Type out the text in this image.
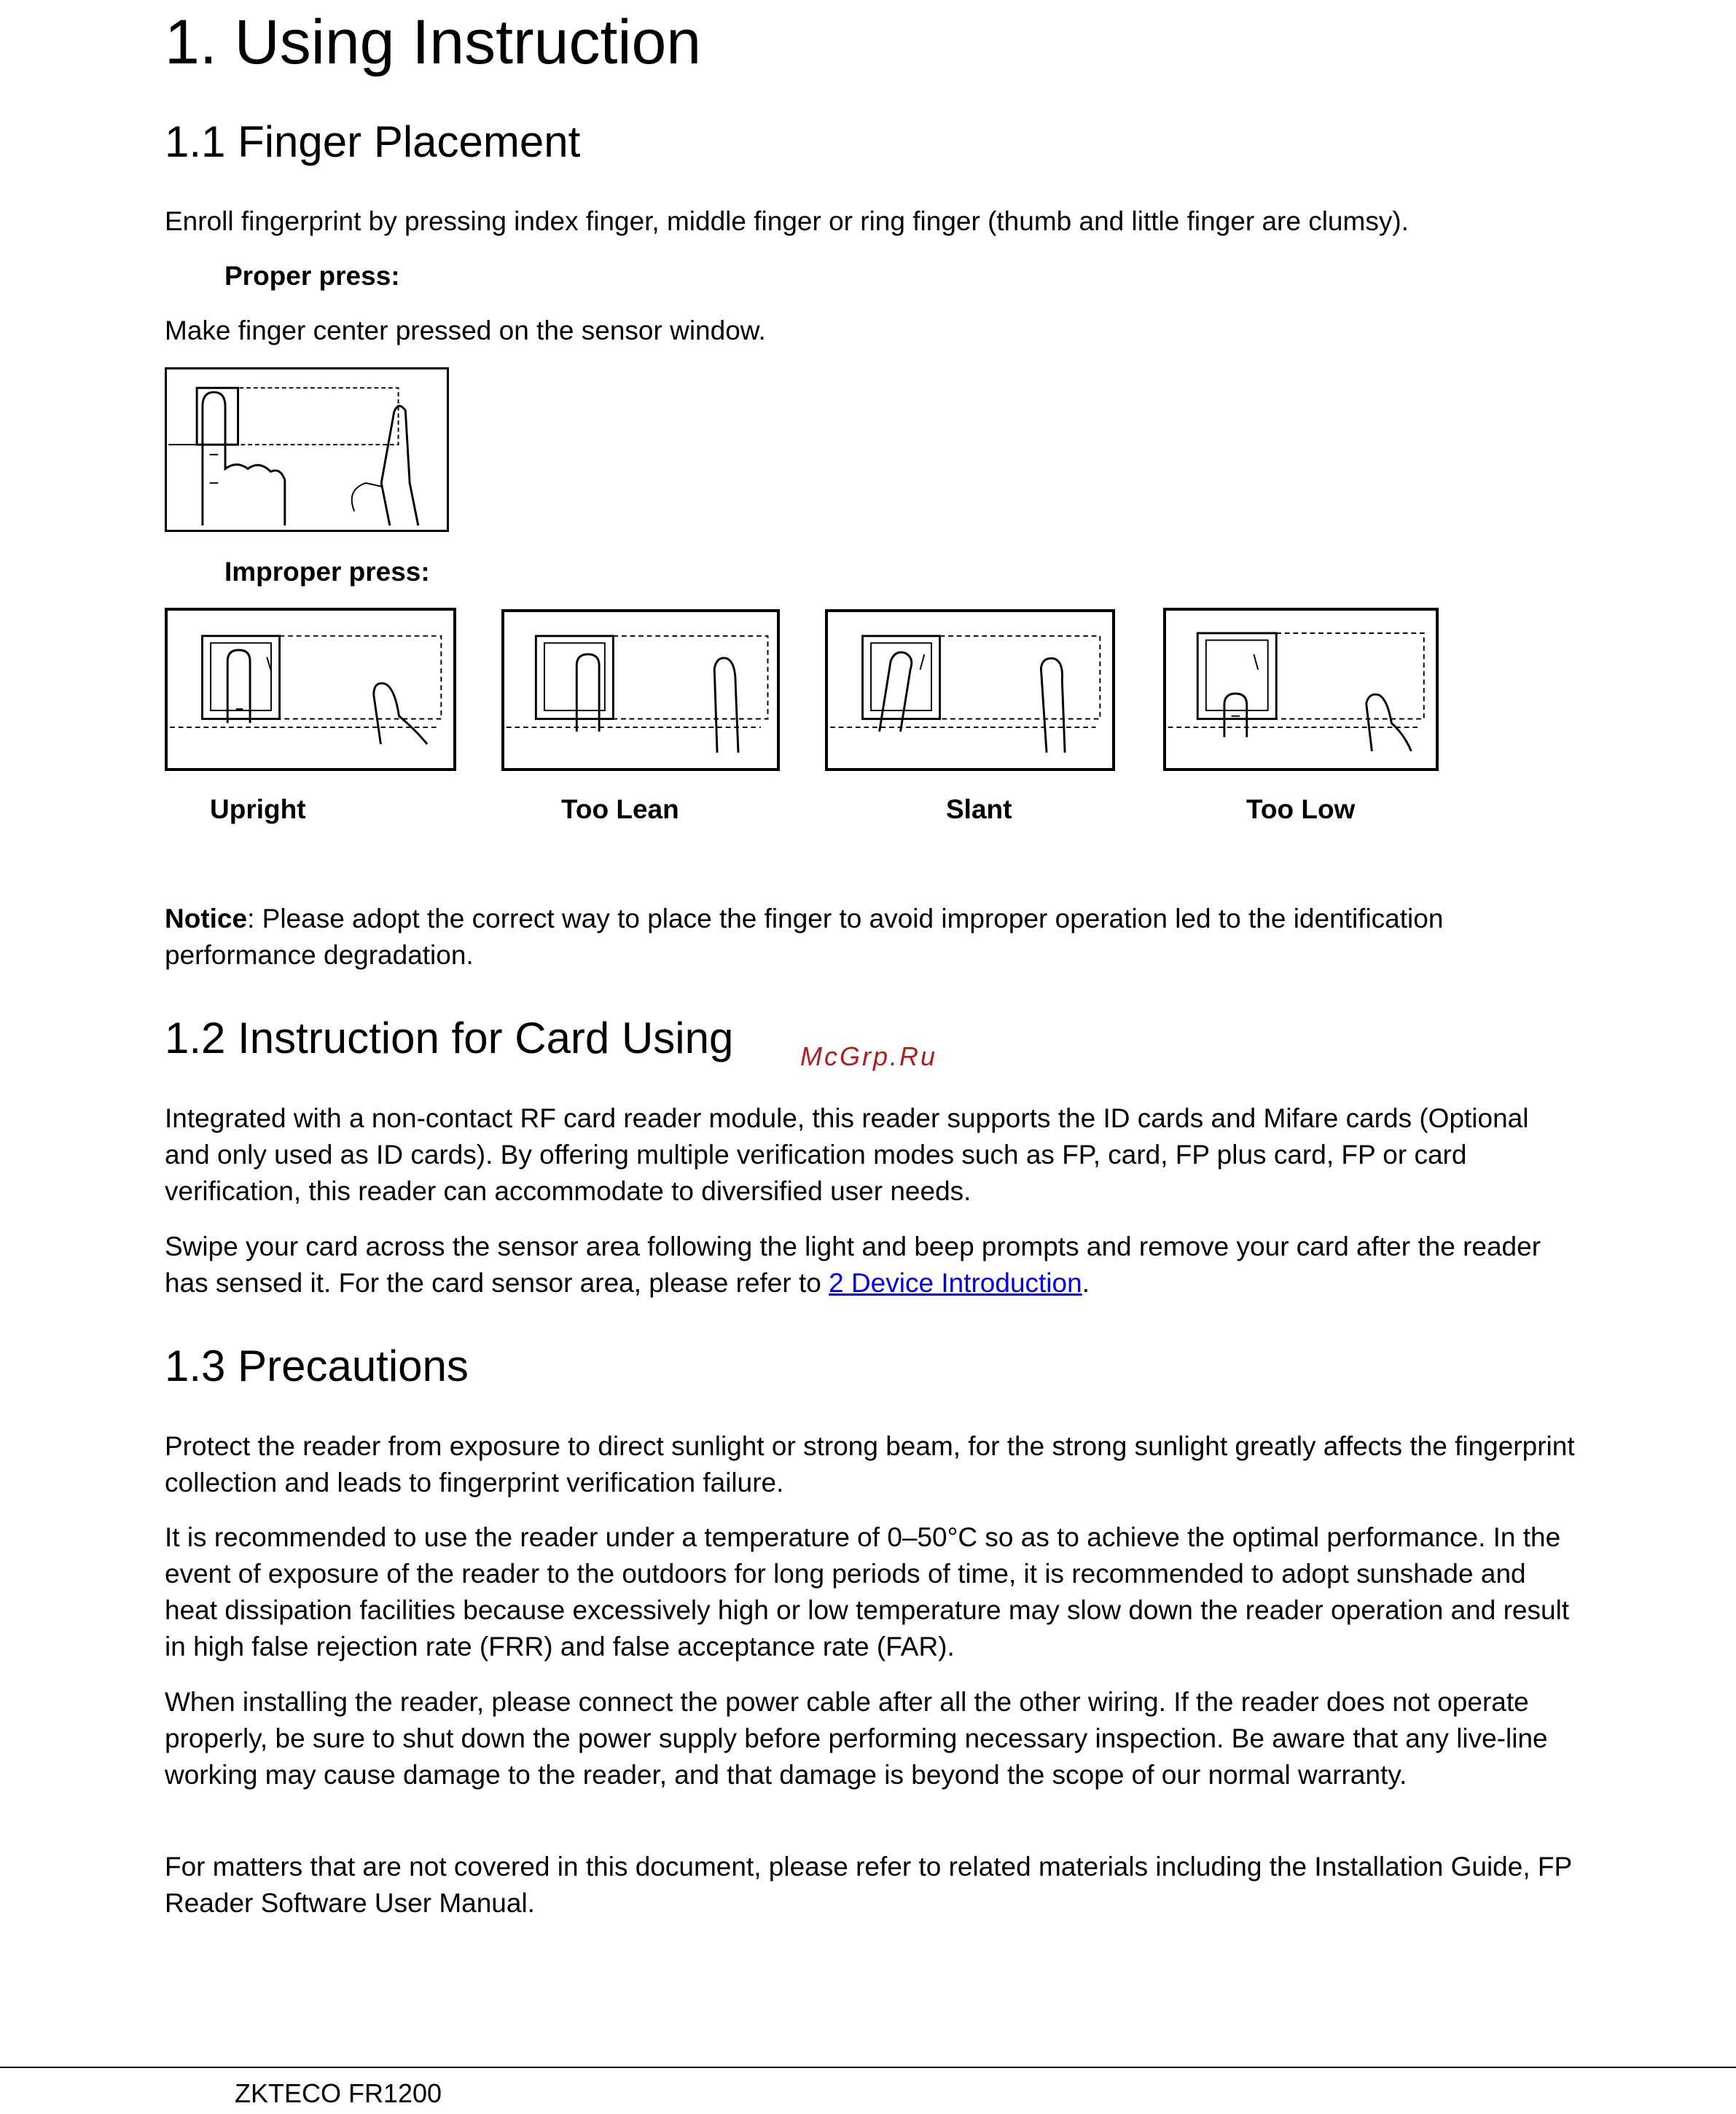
1. Using Instruction
1.1 Finger Placement
Enroll fingerprint by pressing index finger, middle finger or ring finger (thumb and little finger are clumsy).
Proper press:
Make finger center pressed on the sensor window.
Improper press:
Upright	Too Lean	Slant	Too Low
Notice: Please adopt the correct way to place the finger to avoid improper operation led to the identification performance degradation.
1.2 Instruction for Card Using	McGrp.Ru
Integrated with a non-contact RF card reader module, this reader supports the ID cards and Mifare cards (Optional and only used as ID cards). By offering multiple verification modes such as FP, card, FP plus card, FP or card verification, this reader can accommodate to diversified user needs.
Swipe your card across the sensor area following the light and beep prompts and remove your card after the reader has sensed it. For the card sensor area, please refer to 2 Device Introduction.
1.3 Precautions
Protect the reader from exposure to direct sunlight or strong beam, for the strong sunlight greatly affects the fingerprint collection and leads to fingerprint verification failure.
It is recommended to use the reader under a temperature of 0–50°C so as to achieve the optimal performance. In the event of exposure of the reader to the outdoors for long periods of time, it is recommended to adopt sunshade and heat dissipation facilities because excessively high or low temperature may slow down the reader operation and result in high false rejection rate (FRR) and false acceptance rate (FAR).
When installing the reader, please connect the power cable after all the other wiring. If the reader does not operate properly, be sure to shut down the power supply before performing necessary inspection. Be aware that any live-line working may cause damage to the reader, and that damage is beyond the scope of our normal warranty.
For matters that are not covered in this document, please refer to related materials including the Installation Guide, FP Reader Software User Manual.
ZKTECO FR1200
